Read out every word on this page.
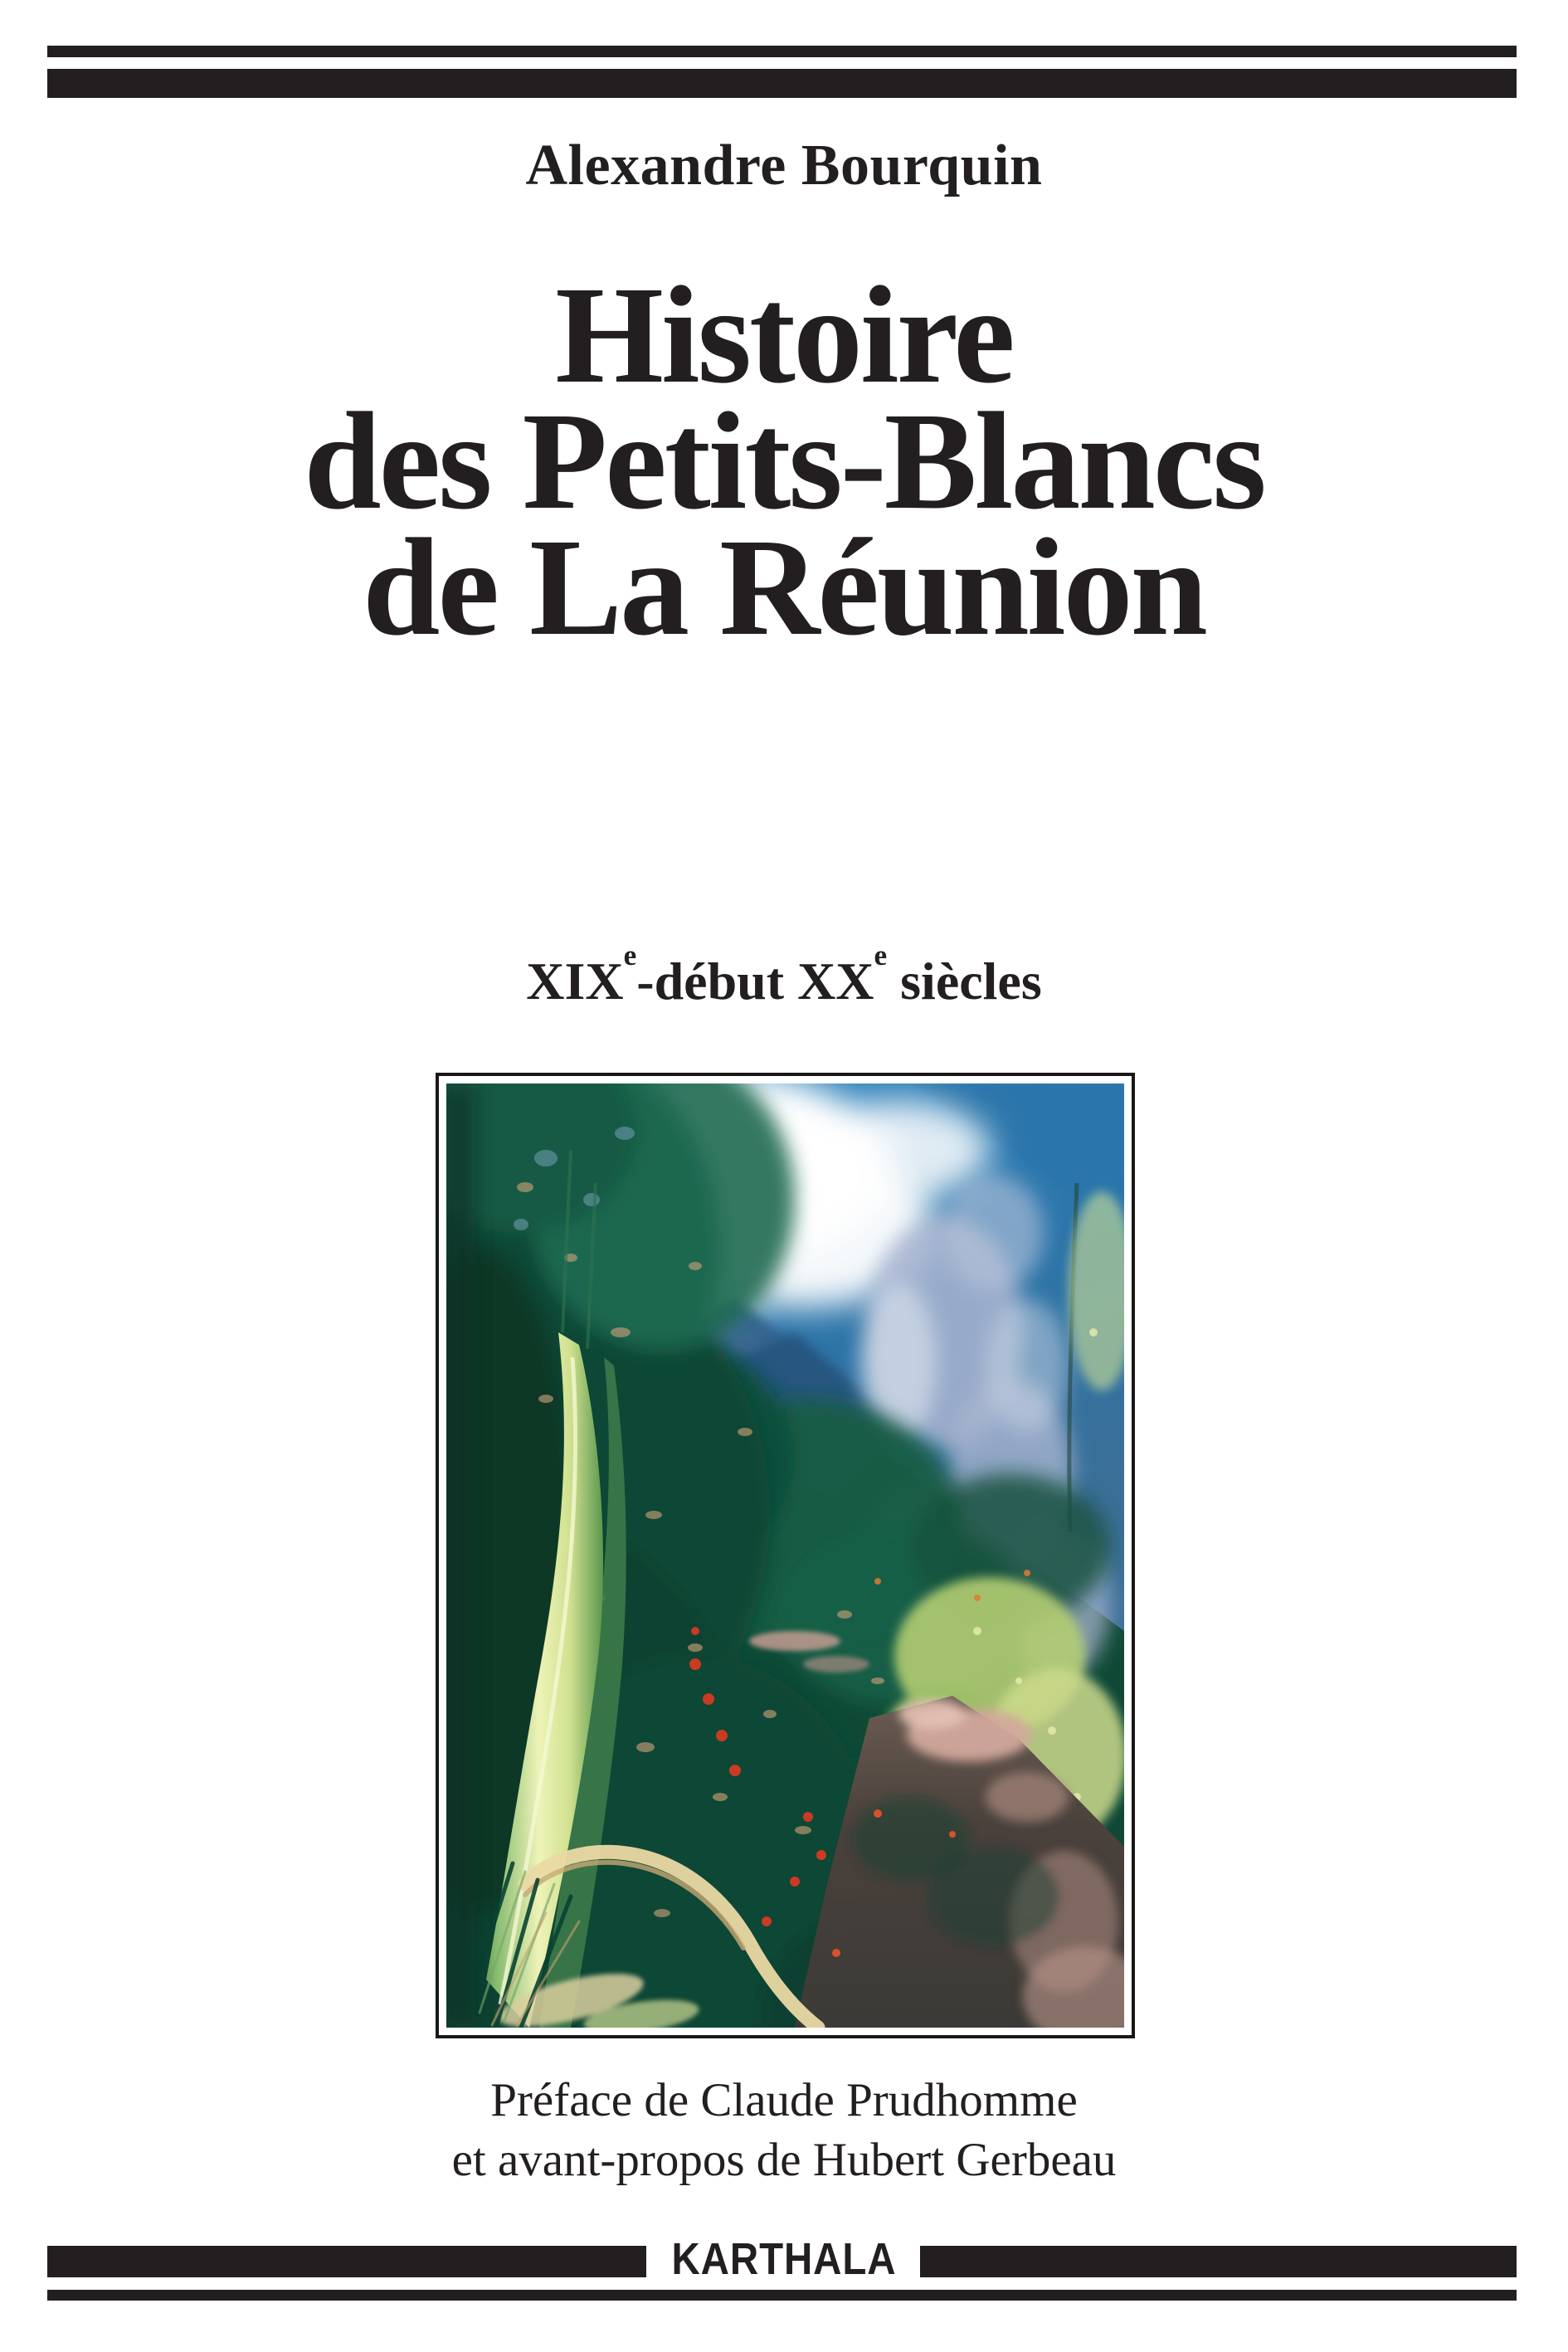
Alexandre Bourquin
Histoire
des Petits-Blancs
de La Réunion
XIXe-début XXe siècles
Préface de Claude Prudhomme
et avant-propos de Hubert Gerbeau
KARTHALA
